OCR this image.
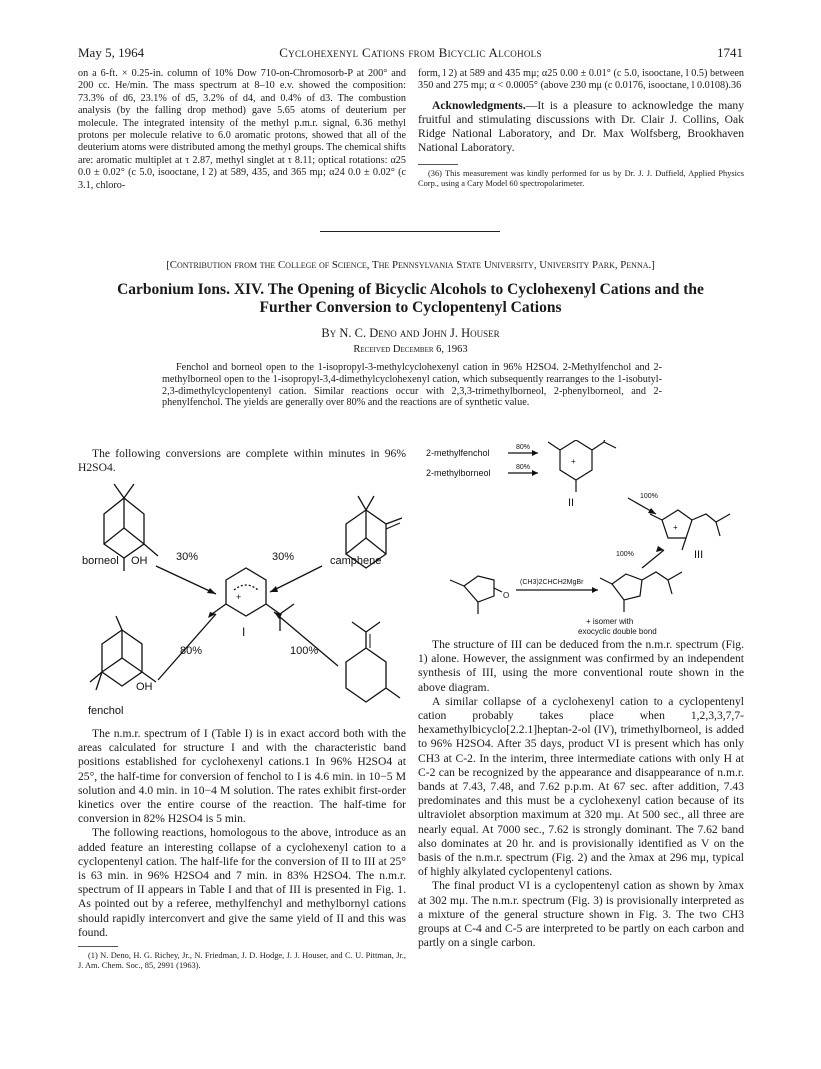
May 5, 1964	Cyclohexenyl Cations from Bicyclic Alcohols	1741
on a 6-ft. × 0.25-in. column of 10% Dow 710-on-Chromosorb-P at 200° and 200 cc. He/min. The mass spectrum at 8–10 e.v. showed the composition: 73.3% of d6, 23.1% of d5, 3.2% of d4, and 0.4% of d3. The combustion analysis (by the falling drop method) gave 5.65 atoms of deuterium per molecule. The integrated intensity of the methyl p.m.r. signal, 6.36 methyl protons per molecule relative to 6.0 aromatic protons, showed that all of the deuterium atoms were distributed among the methyl groups. The chemical shifts are: aromatic multiplet at τ 2.87, methyl singlet at τ 8.11; optical rotations: α25 0.0 ± 0.02° (c 5.0, isooctane, l 2) at 589, 435, and 365 mμ; α24 0.0 ± 0.02° (c 3.1, chloro-
form, l 2) at 589 and 435 mμ; α25 0.00 ± 0.01° (c 5.0, isooctane, l 0.5) between 350 and 275 mμ; α < 0.0005° (above 230 mμ (c 0.0176, isooctane, l 0.0108).36
Acknowledgments.—It is a pleasure to acknowledge the many fruitful and stimulating discussions with Dr. Clair J. Collins, Oak Ridge National Laboratory, and Dr. Max Wolfsberg, Brookhaven National Laboratory.
(36) This measurement was kindly performed for us by Dr. J. J. Duffield, Applied Physics Corp., using a Cary Model 60 spectropolarimeter.
[Contribution from the College of Science, The Pennsylvania State University, University Park, Penna.]
Carbonium Ions. XIV. The Opening of Bicyclic Alcohols to Cyclohexenyl Cations and the
Further Conversion to Cyclopentenyl Cations
By N. C. Deno and John J. Houser
Received December 6, 1963
Fenchol and borneol open to the 1-isopropyl-3-methylcyclohexenyl cation in 96% H2SO4. 2-Methylfenchol and 2-methylborneol open to the 1-isopropyl-3,4-dimethylcyclohexenyl cation, which subsequently rearranges to the 1-isobutyl-2,3-dimethylcyclopentenyl cation. Similar reactions occur with 2,3,3-trimethylborneol, 2-phenylborneol, and 2-phenylfenchol. The yields are generally over 80% and the reactions are of synthetic value.
The following conversions are complete within minutes in 96% H2SO4.
+
borneol OH	30%	30%	camphene
I
80%	100%
OH
fenchol
+
+
2-methylfenchol
2-methylborneol
80%
80%
II
100%
100%	III
O
(CH3)2CHCH2MgBr
+ isomer with
exocyclic double bond

The n.m.r. spectrum of I (Table I) is in exact accord both with the areas calculated for structure I and with the characteristic band positions established for cyclohexenyl cations.1 In 96% H2SO4 at 25°, the half-time for conversion of fenchol to I is 4.6 min. in 10−5 M solution and 4.0 min. in 10−4 M solution. The rates exhibit first-order kinetics over the entire course of the reaction. The half-time for conversion in 82% H2SO4 is 5 min.

The following reactions, homologous to the above, introduce as an added feature an interesting collapse of a cyclohexenyl cation to a cyclopentenyl cation. The half-life for the conversion of II to III at 25° is 63 min. in 96% H2SO4 and 7 min. in 83% H2SO4. The n.m.r. spectrum of II appears in Table I and that of III is presented in Fig. 1. As pointed out by a referee, methylfenchyl and methylbornyl cations should rapidly interconvert and give the same yield of II and this was found.

(1) N. Deno, H. G. Richey, Jr., N. Friedman, J. D. Hodge, J. J. Houser, and C. U. Pittman, Jr., J. Am. Chem. Soc., 85, 2991 (1963).

The structure of III can be deduced from the n.m.r. spectrum (Fig. 1) alone. However, the assignment was confirmed by an independent synthesis of III, using the more conventional route shown in the above diagram.

A similar collapse of a cyclohexenyl cation to a cyclopentenyl cation probably takes place when 1,2,3,3,7,7-hexamethylbicyclo[2.2.1]heptan-2-ol (IV), trimethylborneol, is added to 96% H2SO4. After 35 days, product VI is present which has only CH3 at C-2. In the interim, three intermediate cations with only H at C-2 can be recognized by the appearance and disappearance of n.m.r. bands at 7.43, 7.48, and 7.62 p.p.m. At 67 sec. after addition, 7.43 predominates and this must be a cyclohexenyl cation because of its ultraviolet absorption maximum at 320 mμ. At 500 sec., all three are nearly equal. At 7000 sec., 7.62 is strongly dominant. The 7.62 band also dominates at 20 hr. and is provisionally identified as V on the basis of the n.m.r. spectrum (Fig. 2) and the λmax at 296 mμ, typical of highly alkylated cyclopentenyl cations.

The final product VI is a cyclopentenyl cation as shown by λmax at 302 mμ. The n.m.r. spectrum (Fig. 3) is provisionally interpreted as a mixture of the general structure shown in Fig. 3. The two CH3 groups at C-4 and C-5 are interpreted to be partly on each carbon and partly on a single carbon.
